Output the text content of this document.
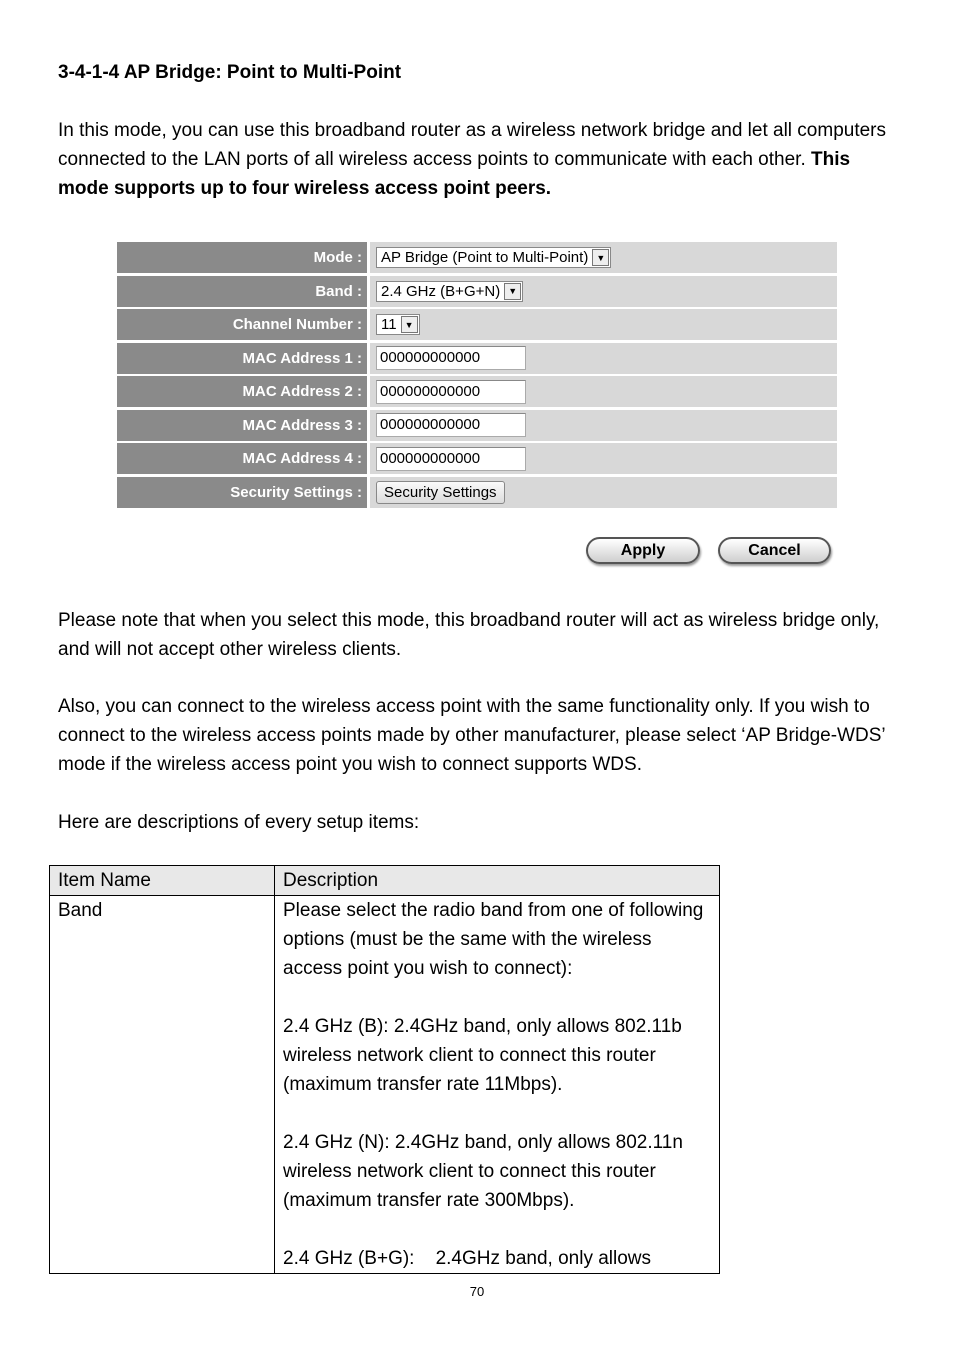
3-4-1-4 AP Bridge: Point to Multi-Point
In this mode, you can use this broadband router as a wireless network bridge and let all computers connected to the LAN ports of all wireless access points to communicate with each other. This mode supports up to four wireless access point peers.
Mode :	AP Bridge (Point to Multi-Point) ▼
Band :	2.4 GHz (B+G+N) ▼
Channel Number :	11 ▼
MAC Address 1 :	000000000000
MAC Address 2 :	000000000000
MAC Address 3 :	000000000000
MAC Address 4 :	000000000000
Security Settings :	Security Settings
Apply	Cancel
Please note that when you select this mode, this broadband router will act as wireless bridge only, and will not accept other wireless clients.
Also, you can connect to the wireless access point with the same functionality only. If you wish to connect to the wireless access points made by other manufacturer, please select ‘AP Bridge-WDS’ mode if the wireless access point you wish to connect supports WDS.
Here are descriptions of every setup items:
Item Name	Description
Band	Please select the radio band from one of following options (must be the same with the wireless access point you wish to connect):
2.4 GHz (B): 2.4GHz band, only allows 802.11b wireless network client to connect this router (maximum transfer rate 11Mbps).
2.4 GHz (N): 2.4GHz band, only allows 802.11n wireless network client to connect this router (maximum transfer rate 300Mbps).
2.4 GHz (B+G):    2.4GHz band, only allows
70
